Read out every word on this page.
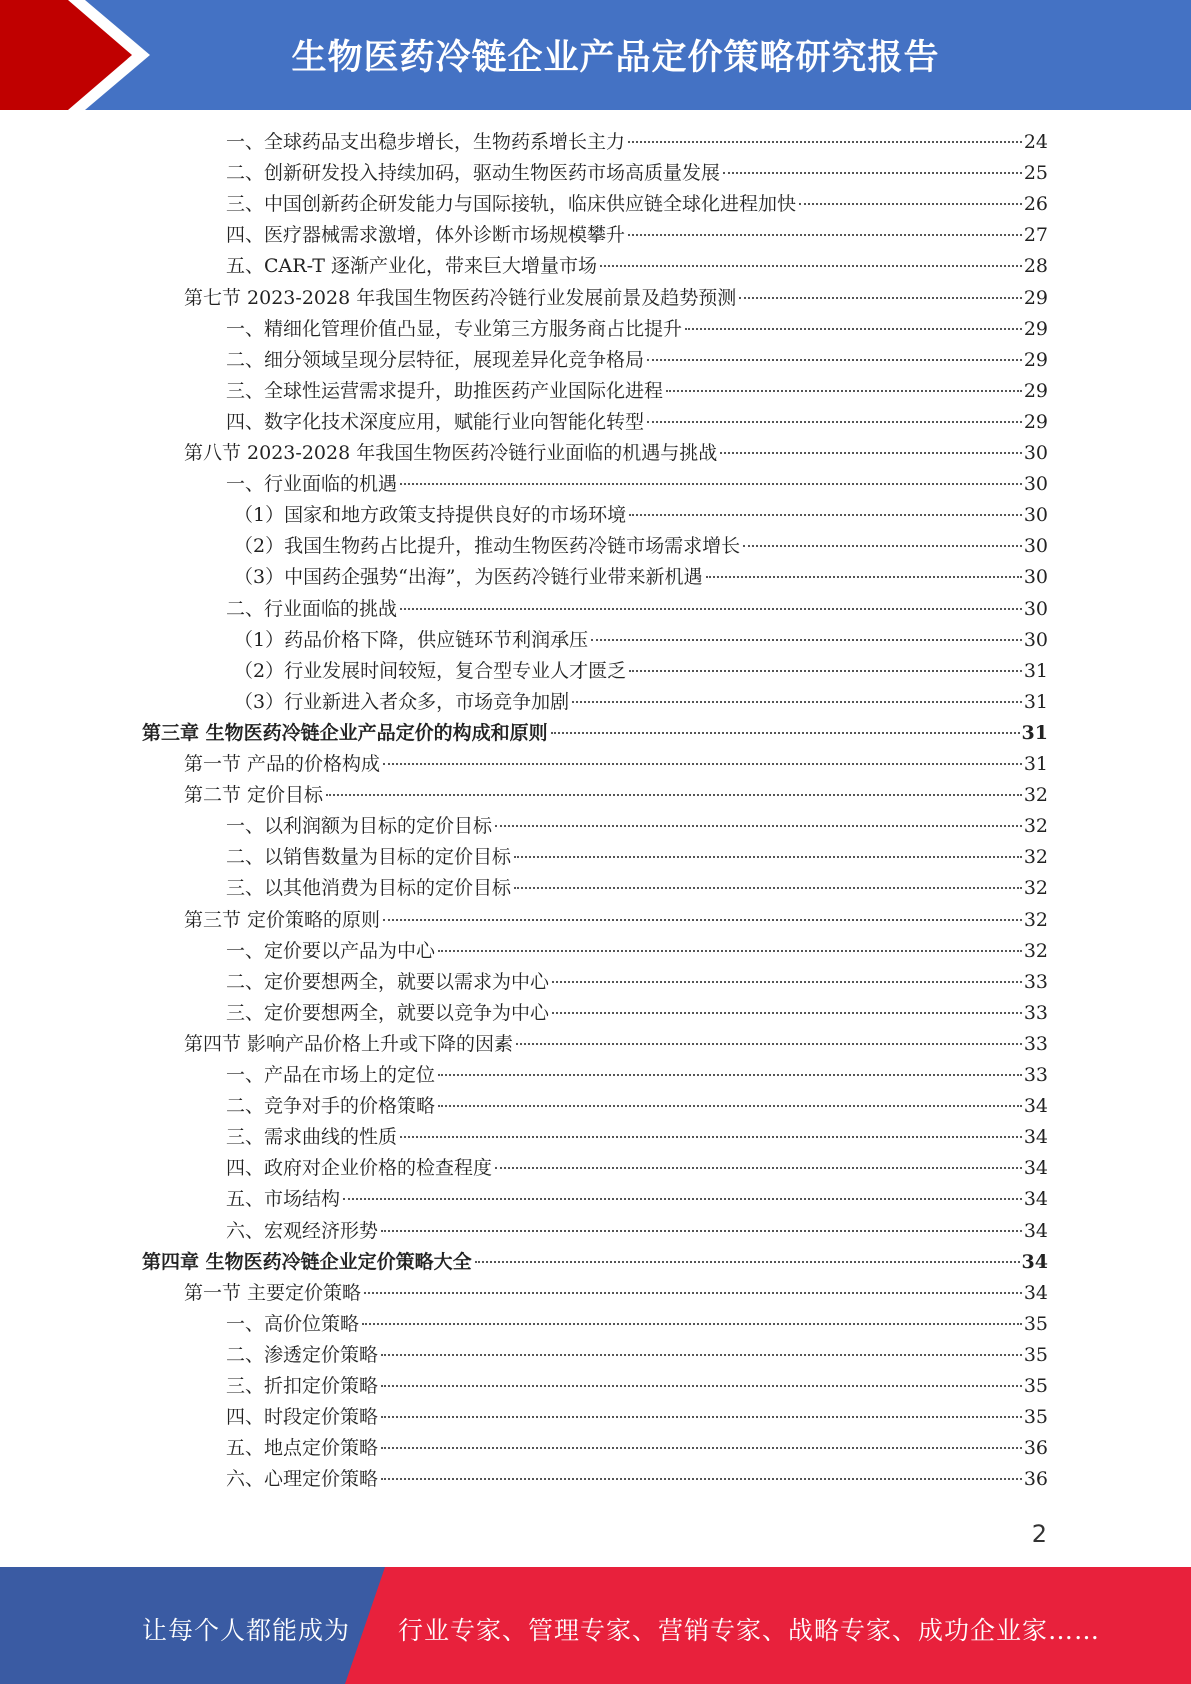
生物医药冷链企业产品定价策略研究报告
一、全球药品支出稳步增长，生物药系增长主力	24
二、创新研发投入持续加码，驱动生物医药市场高质量发展	25
三、中国创新药企研发能力与国际接轨，临床供应链全球化进程加快	26
四、医疗器械需求激增，体外诊断市场规模攀升	27
五、CAR-T 逐渐产业化，带来巨大增量市场	28
第七节 2023-2028 年我国生物医药冷链行业发展前景及趋势预测	29
一、精细化管理价值凸显，专业第三方服务商占比提升	29
二、细分领域呈现分层特征，展现差异化竞争格局	29
三、全球性运营需求提升，助推医药产业国际化进程	29
四、数字化技术深度应用，赋能行业向智能化转型	29
第八节 2023-2028 年我国生物医药冷链行业面临的机遇与挑战	30
一、行业面临的机遇	30
（1）国家和地方政策支持提供良好的市场环境	30
（2）我国生物药占比提升，推动生物医药冷链市场需求增长	30
（3）中国药企强势“出海”，为医药冷链行业带来新机遇	30
二、行业面临的挑战	30
（1）药品价格下降，供应链环节利润承压	30
（2）行业发展时间较短，复合型专业人才匮乏	31
（3）行业新进入者众多，市场竞争加剧	31
第三章 生物医药冷链企业产品定价的构成和原则	31
第一节 产品的价格构成	31
第二节 定价目标	32
一、以利润额为目标的定价目标	32
二、以销售数量为目标的定价目标	32
三、以其他消费为目标的定价目标	32
第三节 定价策略的原则	32
一、定价要以产品为中心	32
二、定价要想两全，就要以需求为中心	33
三、定价要想两全，就要以竞争为中心	33
第四节 影响产品价格上升或下降的因素	33
一、产品在市场上的定位	33
二、竞争对手的价格策略	34
三、需求曲线的性质	34
四、政府对企业价格的检查程度	34
五、市场结构	34
六、宏观经济形势	34
第四章 生物医药冷链企业定价策略大全	34
第一节 主要定价策略	34
一、高价位策略	35
二、渗透定价策略	35
三、折扣定价策略	35
四、时段定价策略	35
五、地点定价策略	36
六、心理定价策略	36
2
让每个人都能成为 行业专家、管理专家、营销专家、战略专家、成功企业家……
